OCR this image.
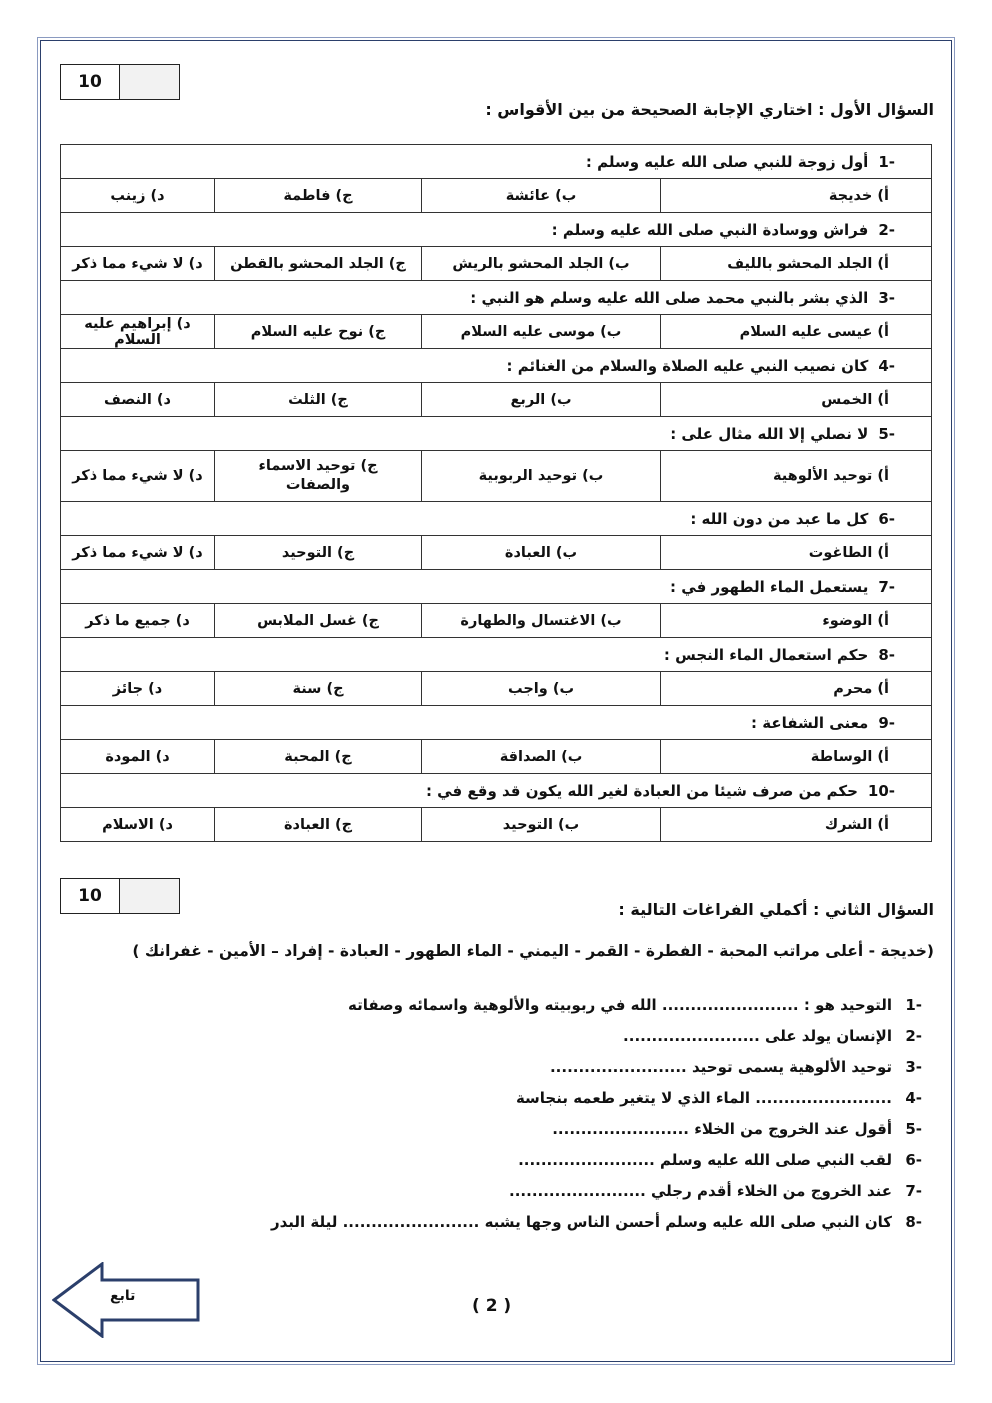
10
السؤال الأول : اختاري الإجابة الصحيحة من بين الأقواس :
-1أول زوجة للنبي صلى الله عليه وسلم :			
أ) خديجة	ب) عائشة	ج) فاطمة	د) زينب
-2فراش ووسادة النبي صلى الله عليه وسلم :			
أ) الجلد المحشو بالليف	ب) الجلد المحشو بالريش	ج) الجلد المحشو بالقطن	د) لا شيء مما ذكر
-3الذي بشر بالنبي محمد صلى الله عليه وسلم هو النبي :			
أ) عيسى عليه السلام	ب) موسى عليه السلام	ج) نوح عليه السلام	د) إبراهيم عليه السلام
-4كان نصيب النبي عليه الصلاة والسلام من الغنائم :			
أ) الخمس	ب) الربع	ج) الثلث	د) النصف
-5لا نصلي إلا الله مثال على :			
أ) توحيد الألوهية	ب) توحيد الربوبية	ج) توحيد الاسماء والصفات	د) لا شيء مما ذكر
-6كل ما عبد من دون الله :			
أ) الطاغوت	ب) العبادة	ج) التوحيد	د) لا شيء مما ذكر
-7يستعمل الماء الطهور في :			
أ) الوضوء	ب) الاغتسال والطهارة	ج) غسل الملابس	د) جميع ما ذكر
-8حكم استعمال الماء النجس :			
أ) محرم	ب) واجب	ج) سنة	د) جائز
-9معنى الشفاعة :			
أ) الوساطة	ب) الصداقة	ج) المحبة	د) المودة
-10حكم من صرف شيئا من العبادة لغير الله يكون قد وقع في :			
أ) الشرك	ب) التوحيد	ج) العبادة	د) الاسلام
10
السؤال الثاني : أكملي الفراغات التالية :
(خديجة - أعلى مراتب المحبة - الفطرة - القمر - اليمني - الماء الطهور - العبادة - إفراد – الأمين - غفرانك )
-1التوحيد هو : ........................ الله في ربوبيته والألوهية واسمائه وصفاته
-2الإنسان يولد على ........................
-3توحيد الألوهية يسمى توحيد ........................
-4........................ الماء الذي لا يتغير طعمه بنجاسة
-5أقول عند الخروج من الخلاء ........................
-6لقب النبي صلى الله عليه وسلم ........................
-7عند الخروج من الخلاء أقدم رجلي ........................
-8كان النبي صلى الله عليه وسلم أحسن الناس وجها يشبه ........................ ليلة البدر
تابع	( 2 )
